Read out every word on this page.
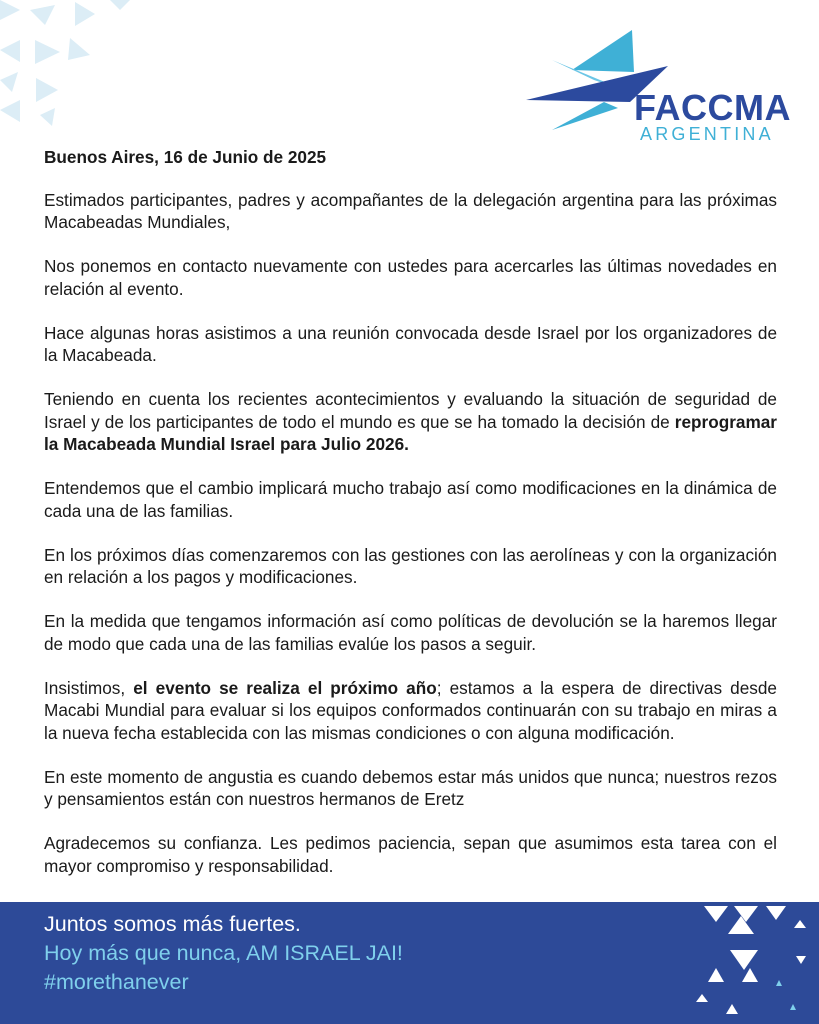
FACCMA
ARGENTINA

Buenos Aires, 16 de Junio de 2025

Estimados participantes, padres y acompañantes de la delegación argentina para las próximas Macabeadas Mundiales,

Nos ponemos en contacto nuevamente con ustedes para acercarles las últimas novedades en relación al evento.

Hace algunas horas asistimos a una reunión convocada desde Israel por los organizadores de la Macabeada.

Teniendo en cuenta los recientes acontecimientos y evaluando la situación de seguridad de Israel y de los participantes de todo el mundo es que se ha tomado la decisión de reprogramar la Macabeada Mundial Israel para Julio 2026.

Entendemos que el cambio implicará mucho trabajo así como modificaciones en la dinámica de cada una de las familias.

En los próximos días comenzaremos con las gestiones con las aerolíneas y con la organización en relación a los pagos y modificaciones.

En la medida que tengamos información así como políticas de devolución se la haremos llegar de modo que cada una de las familias evalúe los pasos a seguir.

Insistimos, el evento se realiza el próximo año; estamos a la espera de directivas desde Macabi Mundial para evaluar si los equipos conformados continuarán con su trabajo en miras a la nueva fecha establecida con las mismas condiciones o con alguna modificación.

En este momento de angustia es cuando debemos estar más unidos que nunca; nuestros rezos y pensamientos están con nuestros hermanos de Eretz

Agradecemos su confianza. Les pedimos paciencia, sepan que asumimos esta tarea con el mayor compromiso y responsabilidad.

Juntos somos más fuertes.
Hoy más que nunca, AM ISRAEL JAI!
#morethanever
